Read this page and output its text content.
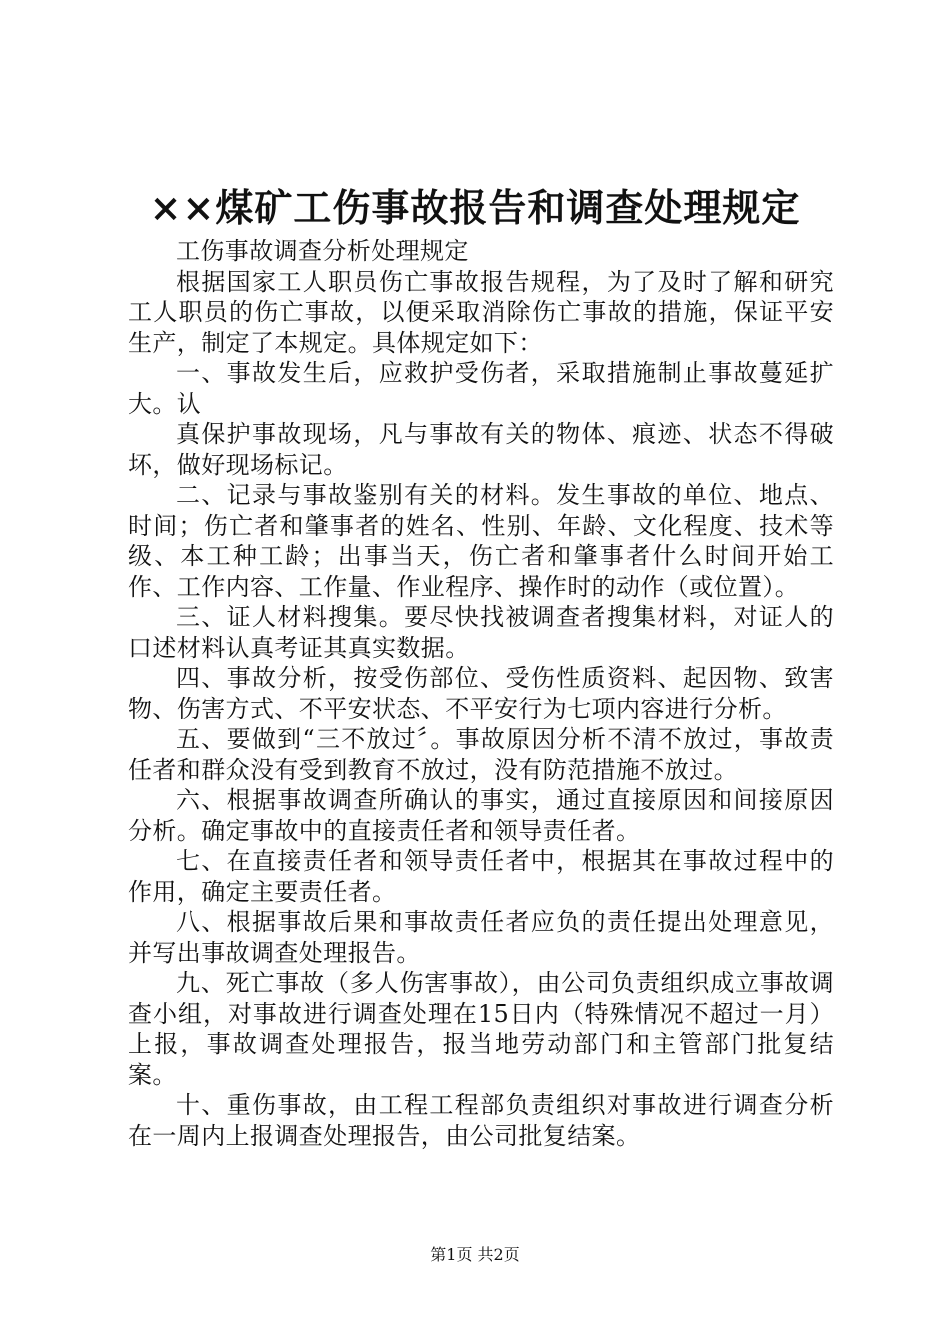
××煤矿工伤事故报告和调查处理规定

工伤事故调查分析处理规定

根据国家工人职员伤亡事故报告规程，为了及时了解和研究工人职员的伤亡事故，以便采取消除伤亡事故的措施，保证平安生产，制定了本规定。具体规定如下：

一、事故发生后，应救护受伤者，采取措施制止事故蔓延扩大。认

真保护事故现场，凡与事故有关的物体、痕迹、状态不得破坏，做好现场标记。

二、记录与事故鉴别有关的材料。发生事故的单位、地点、时间；伤亡者和肇事者的姓名、性别、年龄、文化程度、技术等级、本工种工龄；出事当天，伤亡者和肇事者什么时间开始工作、工作内容、工作量、作业程序、操作时的动作（或位置）。

三、证人材料搜集。要尽快找被调查者搜集材料，对证人的口述材料认真考证其真实数据。

四、事故分析，按受伤部位、受伤性质资料、起因物、致害物、伤害方式、不平安状态、不平安行为七项内容进行分析。

五、要做到“三不放过〞。事故原因分析不清不放过，事故责任者和群众没有受到教育不放过，没有防范措施不放过。

六、根据事故调查所确认的事实，通过直接原因和间接原因分析。确定事故中的直接责任者和领导责任者。

七、在直接责任者和领导责任者中，根据其在事故过程中的作用，确定主要责任者。

八、根据事故后果和事故责任者应负的责任提出处理意见，并写出事故调查处理报告。

九、死亡事故（多人伤害事故），由公司负责组织成立事故调查小组，对事故进行调查处理在15日内（特殊情况不超过一月）上报，事故调查处理报告，报当地劳动部门和主管部门批复结案。

十、重伤事故，由工程工程部负责组织对事故进行调查分析在一周内上报调查处理报告，由公司批复结案。

第1页 共2页
